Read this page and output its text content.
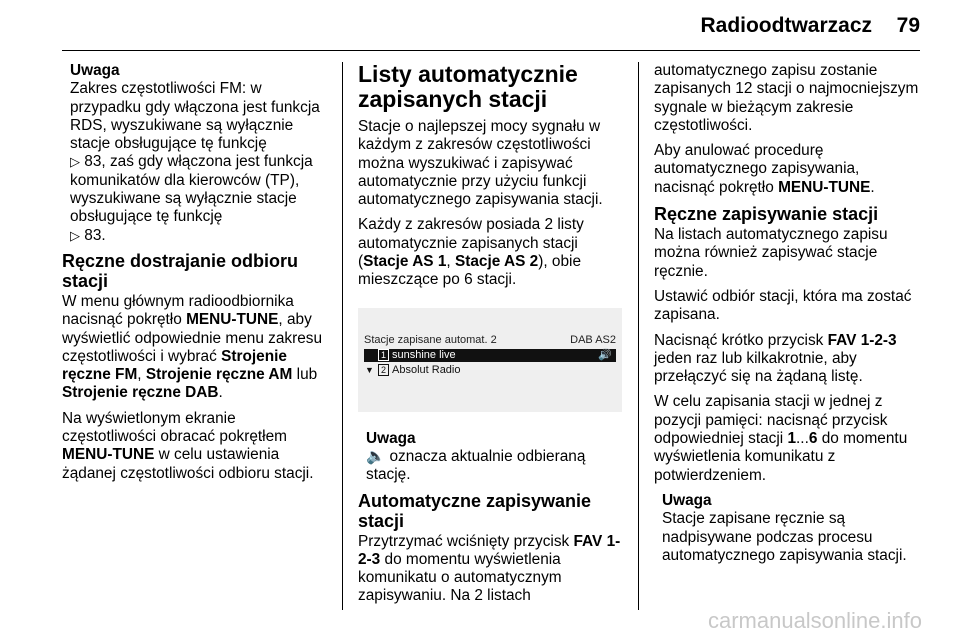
Radioodtwarzacz 79
Uwaga
Zakres częstotliwości FM: w przypadku gdy włączona jest funkcja RDS, wyszukiwane są wyłącznie stacje obsługujące tę funkcję
▷ 83, zaś gdy włączona jest funkcja komunikatów dla kierowców (TP), wyszukiwane są wyłącznie stacje obsługujące tę funkcję
▷ 83.
Ręczne dostrajanie odbioru stacji

W menu głównym radioodbiornika nacisnąć pokrętło MENU-TUNE, aby wyświetlić odpowiednie menu zakresu częstotliwości i wybrać Strojenie ręczne FM, Strojenie ręczne AM lub Strojenie ręczne DAB.

Na wyświetlonym ekranie częstotliwości obracać pokrętłem MENU-TUNE w celu ustawienia żądanej częstotliwości odbioru stacji.

Listy automatycznie zapisanych stacji

Stacje o najlepszej mocy sygnału w każdym z zakresów częstotliwości można wyszukiwać i zapisywać automatycznie przy użyciu funkcji automatycznego zapisywania stacji.

Każdy z zakresów posiada 2 listy automatycznie zapisanych stacji (Stacje AS 1, Stacje AS 2), obie mieszczące po 6 stacji.

Stacje zapisane automat. 2	DAB AS2
1 sunshine live	🔊
▼ 2 Absolut Radio
Uwaga
🔈 oznacza aktualnie odbieraną stację.
Automatyczne zapisywanie stacji

Przytrzymać wciśnięty przycisk FAV 1-2-3 do momentu wyświetlenia komunikatu o automatycznym zapisywaniu. Na 2 listach

automatycznego zapisu zostanie zapisanych 12 stacji o najmocniejszym sygnale w bieżącym zakresie częstotliwości.

Aby anulować procedurę automatycznego zapisywania, nacisnąć pokrętło MENU-TUNE.

Ręczne zapisywanie stacji

Na listach automatycznego zapisu można również zapisywać stacje ręcznie.

Ustawić odbiór stacji, która ma zostać zapisana.

Nacisnąć krótko przycisk FAV 1-2-3 jeden raz lub kilkakrotnie, aby przełączyć się na żądaną listę.

W celu zapisania stacji w jednej z pozycji pamięci: nacisnąć przycisk odpowiedniej stacji 1...6 do momentu wyświetlenia komunikatu z potwierdzeniem.

Uwaga
Stacje zapisane ręcznie są nadpisywane podczas procesu automatycznego zapisywania stacji.
carmanualsonline.info
